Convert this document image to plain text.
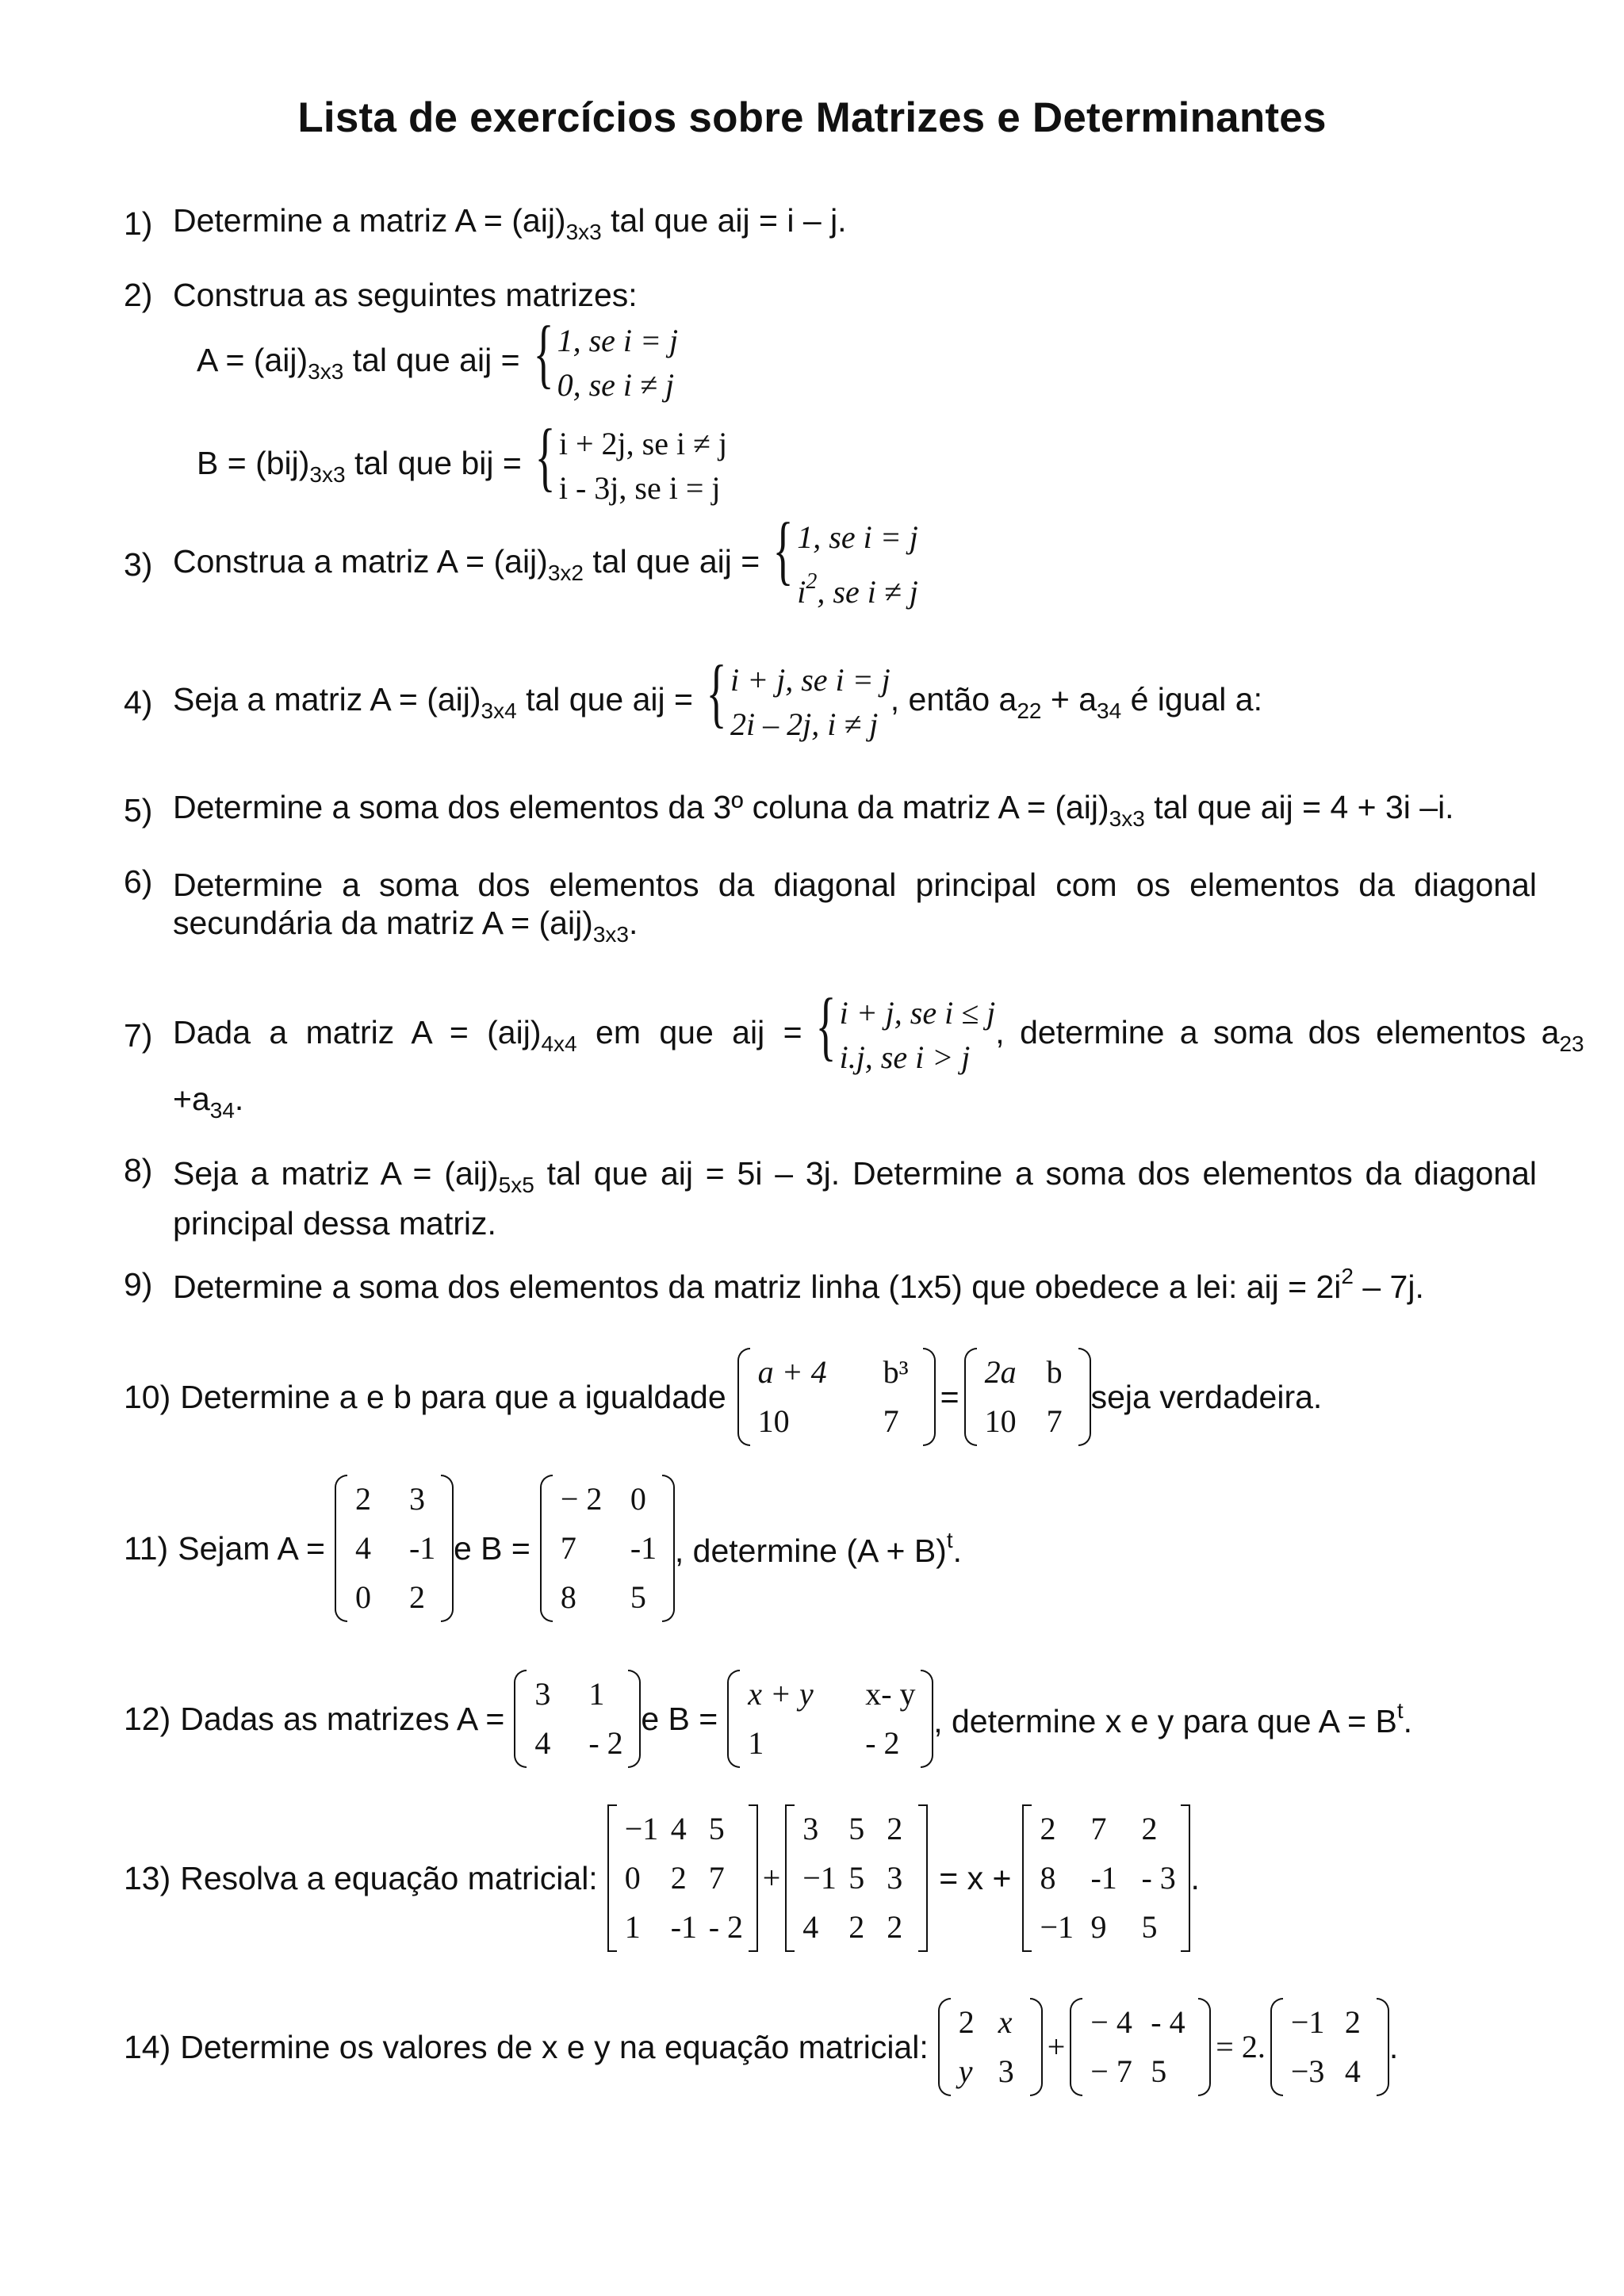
Lista de exercícios sobre Matrizes e Determinantes
1) Determine a matriz $A = (aij)_{3x3}$ tal que aij = i – j.
2) Construa as seguintes matrizes:
$A = (aij)_{3x3}$ tal que aij = { 1, se i = j
0, se i ≠ j
$B = (bij)_{3x3}$ tal que bij = { i + 2j, se i ≠ j
i - 3j, se i = j
3) Construa a matriz $A = (aij)_{3x2}$ tal que aij = { 1, se i = j
$i^2$, se i ≠ j
4) Seja a matriz $A = (aij)_{3x4}$ tal que aij = { i + j, se i = j
2i – 2j, i ≠ j
, então $a_{22} + a_{34}$ é igual a:
5) Determine a soma dos elementos da 3º coluna da matriz $A = (aij)_{3x3}$ tal que aij = 4 + 3i –i.
6) Determine a soma dos elementos da diagonal principal com os elementos da diagonal
secundária da matriz $A = (aij)_{3x3}$.
7) Dada a matriz $A = (aij)_{4x4}$ em que aij = { i + j, se i ≤ j
i.j, se i > j
, determine a soma dos elementos $a_{23}$
$+a_{34}$.
8) Seja a matriz $A = (aij)_{5x5}$ tal que aij = 5i – 3j. Determine a soma dos elementos da diagonal
principal dessa matriz.
9) Determine a soma dos elementos da matriz linha (1x5) que obedece a lei: aij = $2i^2 - 7j$.
10) Determine a e b para que a igualdade
a + 4	b³
10	7
=
2a b
10 7
seja verdadeira.
11) Sejam A =
2	3
4	-1
0	2
e B =
− 2 0
7	-1
8	5
, determine $(A + B)^t$.
12) Dadas as matrizes A =
3	1
4	- 2
e B =
x + y	x- y
1	- 2
, determine x e y para que $A = B^t$.
13) Resolva a equação matricial:
−1 4 5
0 2 7
1 -1 - 2
+
3 5 2
−1 5 3
4 2 2
= x +
2	7	2
8	-1 - 3
−1 9	5
.
14) Determine os valores de x e y na equação matricial:
2 x
y 3
+
− 4 - 4
− 7 5
= 2.
−1 2
−3 4
.
